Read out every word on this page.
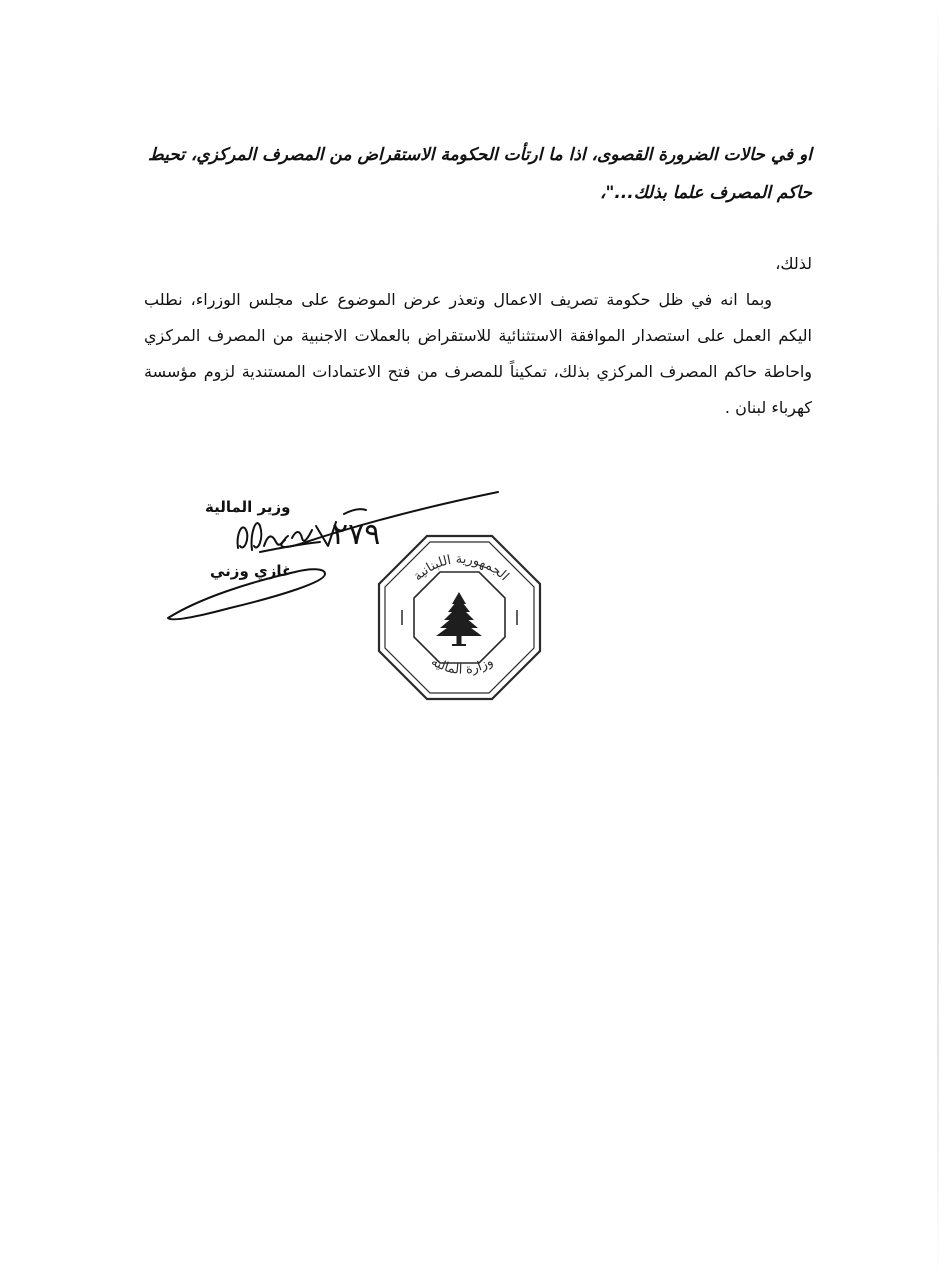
او في حالات الضرورة القصوى، اذا ما ارتأت الحكومة الاستقراض من المصرف المركزي، تحيط

حاكم المصرف علما بذلك..."،

لذلك،

وبما انه في ظل حكومة تصريف الاعمال وتعذر عرض الموضوع على مجلس الوزراء، نطلب اليكم العمل على استصدار الموافقة الاستثنائية للاستقراض بالعملات الاجنبية من المصرف المركزي واحاطة حاكم المصرف المركزي بذلك، تمكيناً للمصرف من فتح الاعتمادات المستندية لزوم مؤسسة كهرباء لبنان .

٢٧٩
وزير المالية
غازي وزني	الجمهورية اللبنانية
وزارة المالية
